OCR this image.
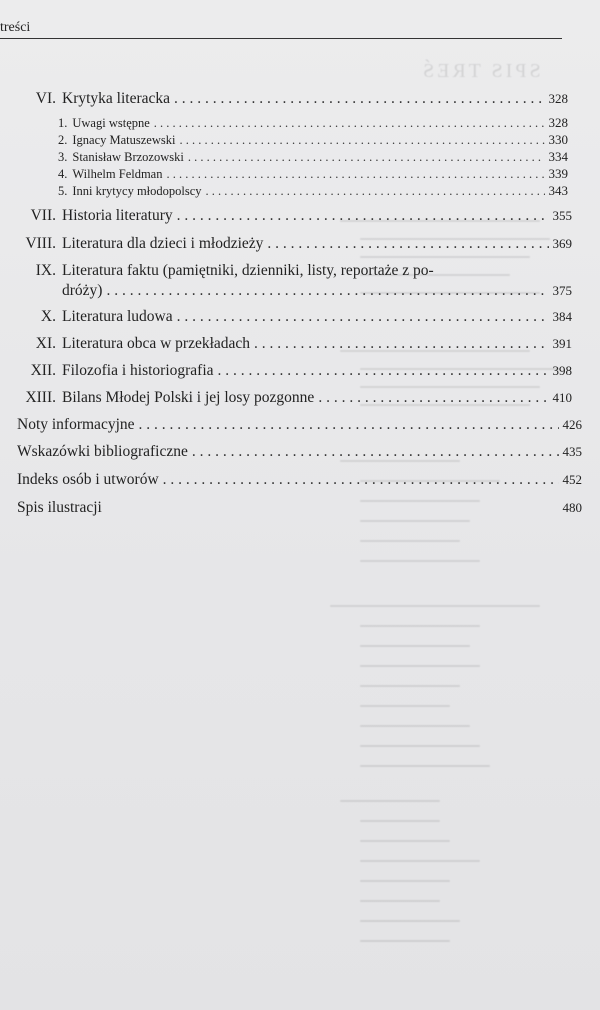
SPIS TREŚ
treści
VI. Krytyka literacka . . .	328
1. Uwagi wstępne . . .	328
2. Ignacy Matuszewski . . .	330
3. Stanisław Brzozowski . . .	334
4. Wilhelm Feldman . . .	339
5. Inni krytycy młodopolscy . . .	343
VII. Historia literatury . . .	355
VIII. Literatura dla dzieci i młodzieży . . .	369
IX. Literatura faktu (pamiętniki, dzienniki, listy, reportaże z po-
dróży) . . .	375
X. Literatura ludowa . . .	384
XI. Literatura obca w przekładach . . .	391
XII. Filozofia i historiografia . . .	398
XIII. Bilans Młodej Polski i jej losy pozgonne . . .	410
Noty informacyjne . . .	426
Wskazówki bibliograficzne . . .	435
Indeks osób i utworów . . .	452
Spis ilustracji	480
